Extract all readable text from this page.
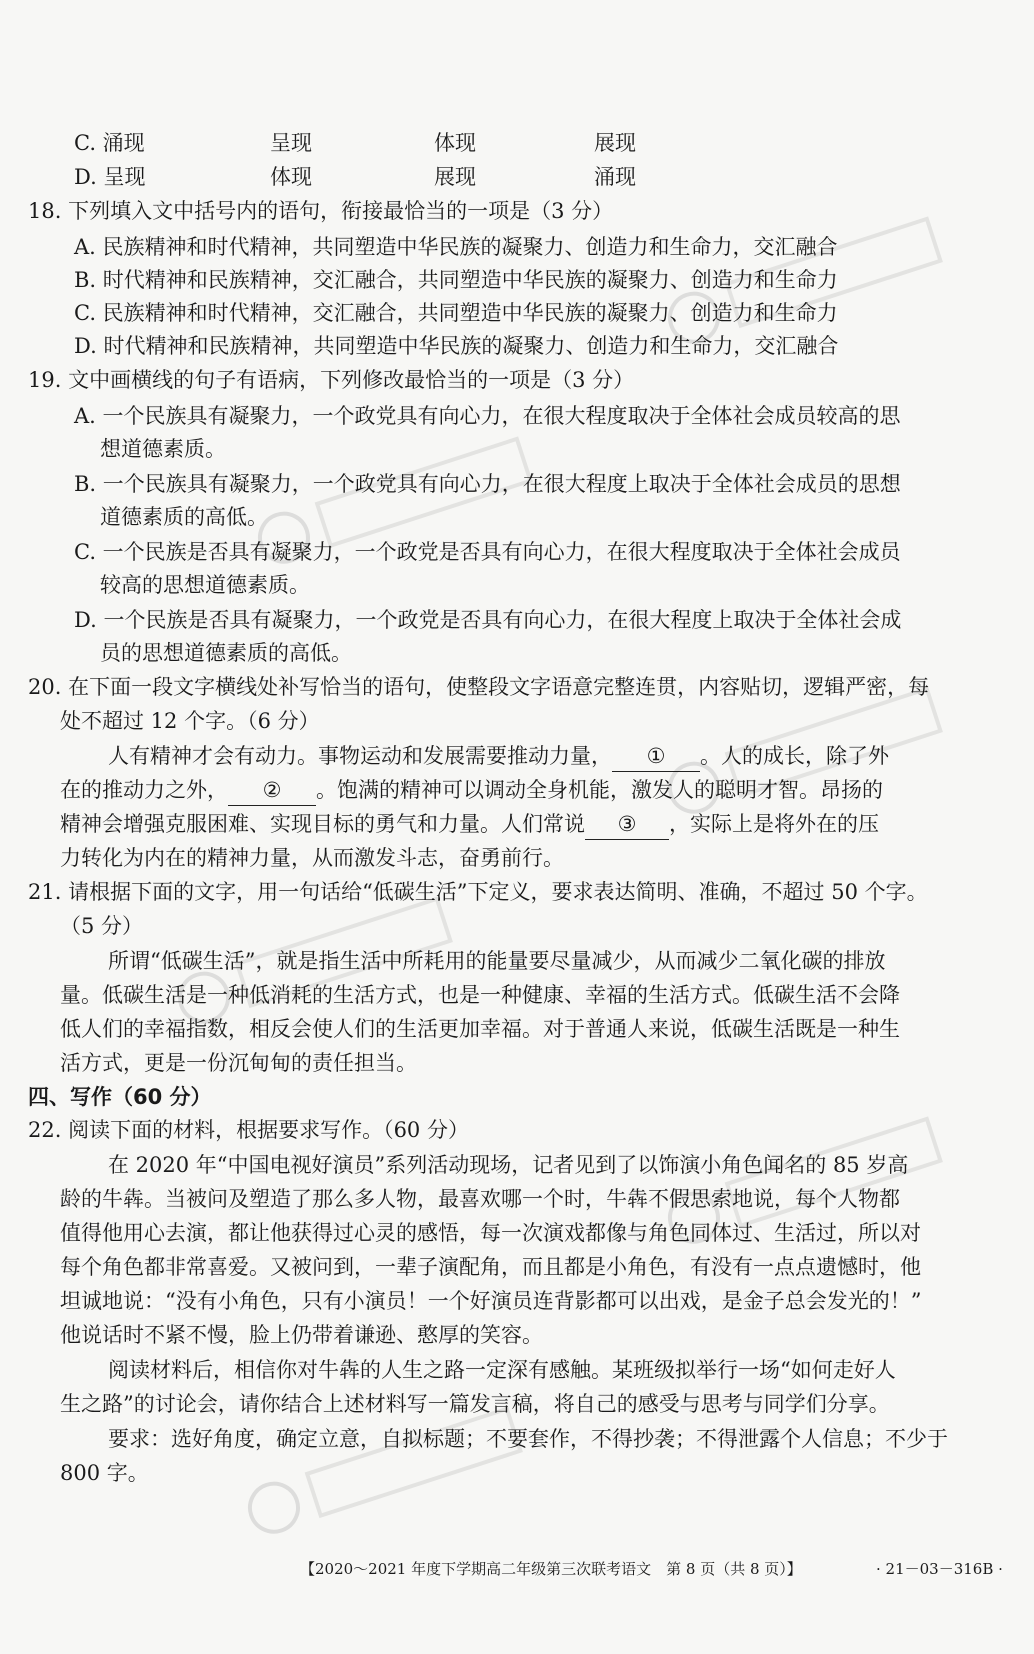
C. 涌现	呈现	体现	展现
D. 呈现	体现	展现	涌现
18. 下列填入文中括号内的语句，衔接最恰当的一项是（3 分）
A. 民族精神和时代精神，共同塑造中华民族的凝聚力、创造力和生命力，交汇融合
B. 时代精神和民族精神，交汇融合，共同塑造中华民族的凝聚力、创造力和生命力
C. 民族精神和时代精神，交汇融合，共同塑造中华民族的凝聚力、创造力和生命力
D. 时代精神和民族精神，共同塑造中华民族的凝聚力、创造力和生命力，交汇融合
19. 文中画横线的句子有语病，下列修改最恰当的一项是（3 分）
A. 一个民族具有凝聚力，一个政党具有向心力，在很大程度取决于全体社会成员较高的思
想道德素质。
B. 一个民族具有凝聚力，一个政党具有向心力，在很大程度上取决于全体社会成员的思想
道德素质的高低。
C. 一个民族是否具有凝聚力，一个政党是否具有向心力，在很大程度取决于全体社会成员
较高的思想道德素质。
D. 一个民族是否具有凝聚力，一个政党是否具有向心力，在很大程度上取决于全体社会成
员的思想道德素质的高低。
20. 在下面一段文字横线处补写恰当的语句，使整段文字语意完整连贯，内容贴切，逻辑严密，每
处不超过 12 个字。（6 分）
人有精神才会有动力。事物运动和发展需要推动力量， ① 。人的成长，除了外
在的推动力之外， ② 。饱满的精神可以调动全身机能，激发人的聪明才智。昂扬的
精神会增强克服困难、实现目标的勇气和力量。人们常说 ③ ，实际上是将外在的压
力转化为内在的精神力量，从而激发斗志，奋勇前行。
21. 请根据下面的文字，用一句话给“低碳生活”下定义，要求表达简明、准确，不超过 50 个字。
（5 分）
所谓“低碳生活”，就是指生活中所耗用的能量要尽量减少，从而减少二氧化碳的排放
量。低碳生活是一种低消耗的生活方式，也是一种健康、幸福的生活方式。低碳生活不会降
低人们的幸福指数，相反会使人们的生活更加幸福。对于普通人来说，低碳生活既是一种生
活方式，更是一份沉甸甸的责任担当。
四、写作（60 分）
22. 阅读下面的材料，根据要求写作。（60 分）
在 2020 年“中国电视好演员”系列活动现场，记者见到了以饰演小角色闻名的 85 岁高
龄的牛犇。当被问及塑造了那么多人物，最喜欢哪一个时，牛犇不假思索地说，每个人物都
值得他用心去演，都让他获得过心灵的感悟，每一次演戏都像与角色同体过、生活过，所以对
每个角色都非常喜爱。又被问到，一辈子演配角，而且都是小角色，有没有一点点遗憾时，他
坦诚地说：“没有小角色，只有小演员！一个好演员连背影都可以出戏，是金子总会发光的！”
他说话时不紧不慢，脸上仍带着谦逊、憨厚的笑容。
阅读材料后，相信你对牛犇的人生之路一定深有感触。某班级拟举行一场“如何走好人
生之路”的讨论会，请你结合上述材料写一篇发言稿，将自己的感受与思考与同学们分享。
要求：选好角度，确定立意，自拟标题；不要套作，不得抄袭；不得泄露个人信息；不少于
800 字。
【2020～2021 年度下学期高二年级第三次联考语文　第 8 页（共 8 页）】	· 21－03－316B ·
